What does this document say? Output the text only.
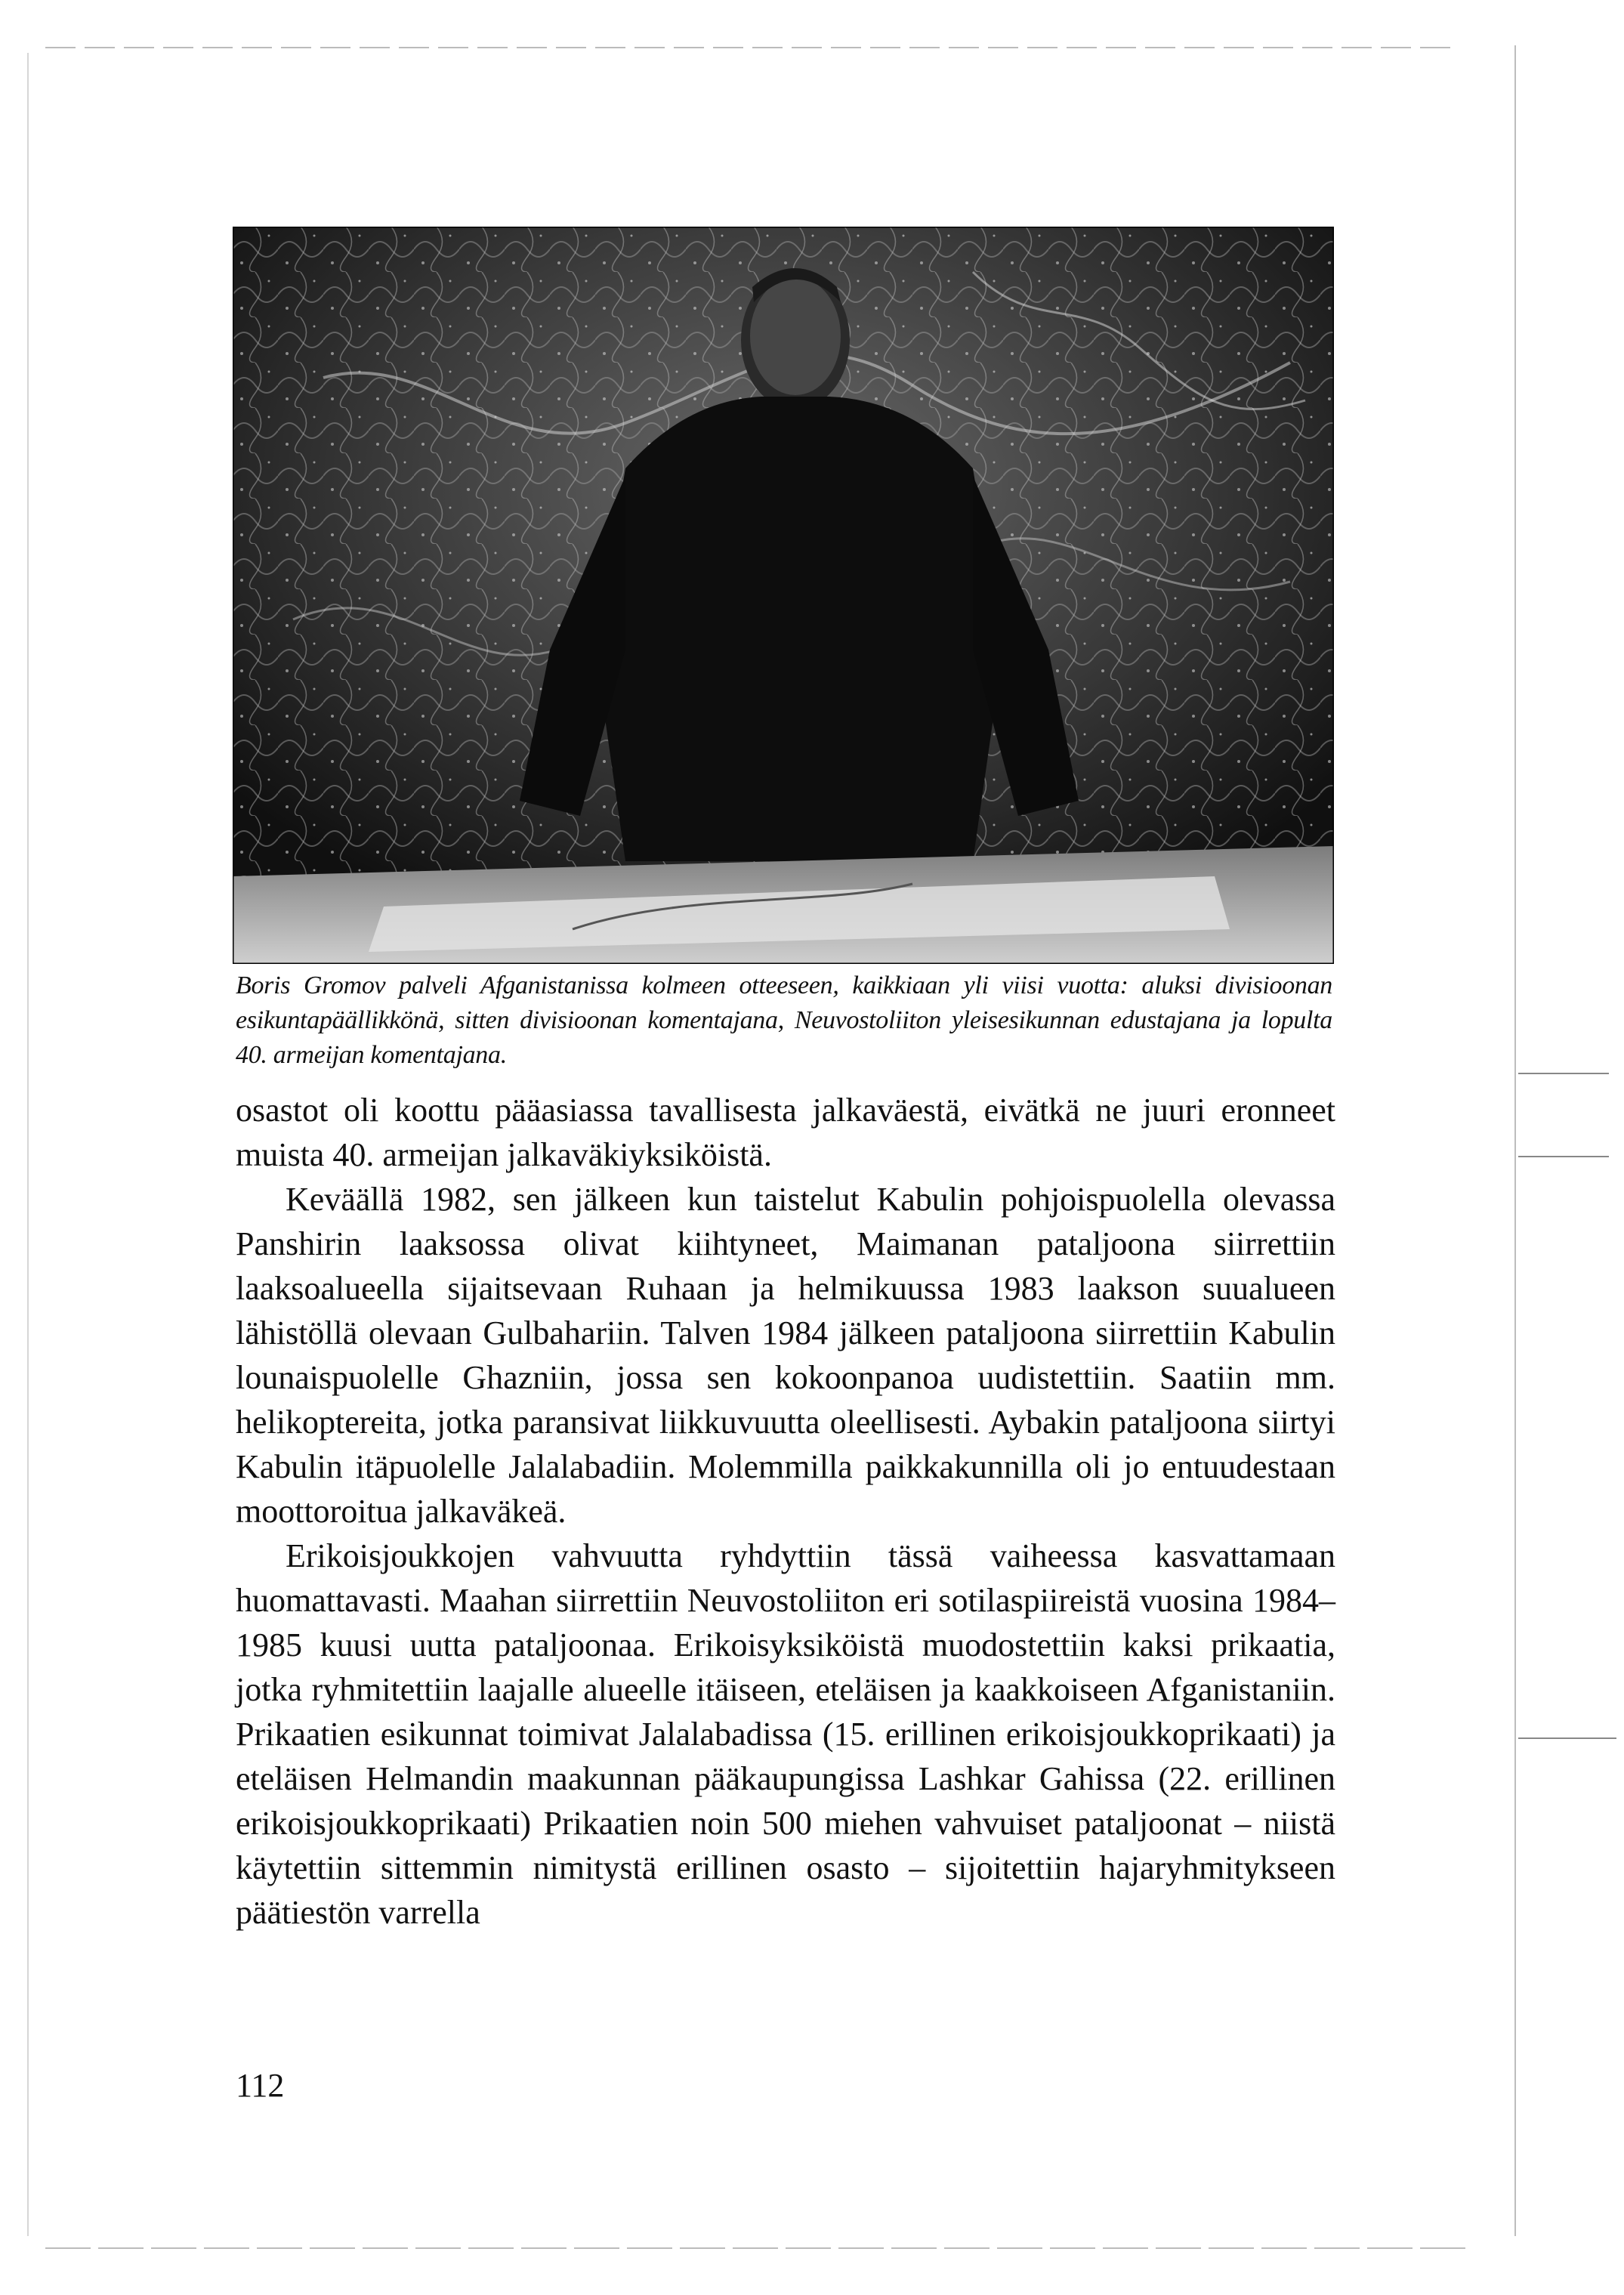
Boris Gromov palveli Afganistanissa kolmeen otteeseen, kaikkiaan yli viisi vuotta: aluksi divisioonan esikuntapäällikkönä, sitten divisioonan komentajana, Neuvostoliiton yleisesikunnan edustajana ja lopulta 40. armeijan komentajana.

osastot oli koottu pääasiassa tavallisesta jalkaväestä, eivätkä ne juuri eronneet muista 40. armeijan jalkaväkiyksiköistä.

Keväällä 1982, sen jälkeen kun taistelut Kabulin pohjoispuolella olevassa Panshirin laaksossa olivat kiihtyneet, Maimanan pataljoona siirrettiin laaksoalueella sijaitsevaan Ruhaan ja helmikuussa 1983 laakson suualueen lähistöllä olevaan Gulbahariin. Talven 1984 jälkeen pataljoona siirrettiin Kabulin lounaispuolelle Ghazniin, jossa sen kokoonpanoa uudistettiin. Saatiin mm. helikoptereita, jotka paransivat liikkuvuutta oleellisesti. Aybakin pataljoona siirtyi Kabulin itäpuolelle Jalalabadiin. Molemmilla paikkakunnilla oli jo entuudestaan moottoroitua jalkaväkeä.

Erikoisjoukkojen vahvuutta ryhdyttiin tässä vaiheessa kasvattamaan huomattavasti. Maahan siirrettiin Neuvostoliiton eri sotilaspiireistä vuosina 1984–1985 kuusi uutta pataljoonaa. Erikoisyksiköistä muodostettiin kaksi prikaatia, jotka ryhmitettiin laajalle alueelle itäiseen, eteläisen ja kaakkoiseen Afganistaniin. Prikaatien esikunnat toimivat Jalalabadissa (15. erillinen erikoisjoukkoprikaati) ja eteläisen Helmandin maakunnan pääkaupungissa Lashkar Gahissa (22. erillinen erikoisjoukkoprikaati) Prikaatien noin 500 miehen vahvuiset pataljoonat – niistä käytettiin sittemmin nimitystä erillinen osasto – sijoitettiin hajaryhmitykseen päätiestön varrella

112
